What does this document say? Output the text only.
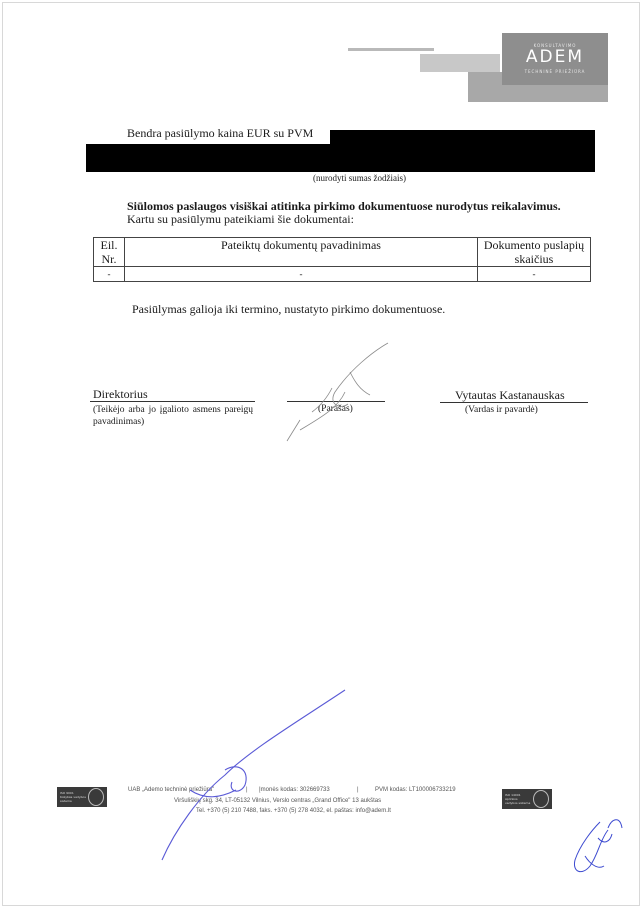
KONSULTAVIMO
ADEM
TECHNINĖ PRIEŽIŪRA
Bendra pasiūlymo kaina EUR su PVM
(nurodyti sumas žodžiais)
Siūlomos paslaugos visiškai atitinka pirkimo dokumentuose nurodytus reikalavimus.
Kartu su pasiūlymu pateikiami šie dokumentai:
Eil. Nr.	Pateiktų dokumentų pavadinimas	Dokumento puslapių skaičius
-	-	-
Pasiūlymas galioja iki termino, nustatyto pirkimo dokumentuose.
Direktorius
(Teikėjo arba jo įgalioto asmens pareigų pavadinimas)
(Parašas)
Vytautas Kastanauskas
(Vardas ir pavardė)
ISO 9001 Kokybės vadybos sistema
ISO 14001 Aplinkos vadybos sistema
UAB „Ademo techninė priežiūra"	| Įmonės kodas: 302669733	|	PVM kodas: LT100006733219
Viršuliškių skg. 34, LT-05132 Vilnius, Verslo centras „Grand Office" 13 aukštas
Tel. +370 (5) 210 7488, faks. +370 (5) 278 4032, el. paštas: info@adem.lt
